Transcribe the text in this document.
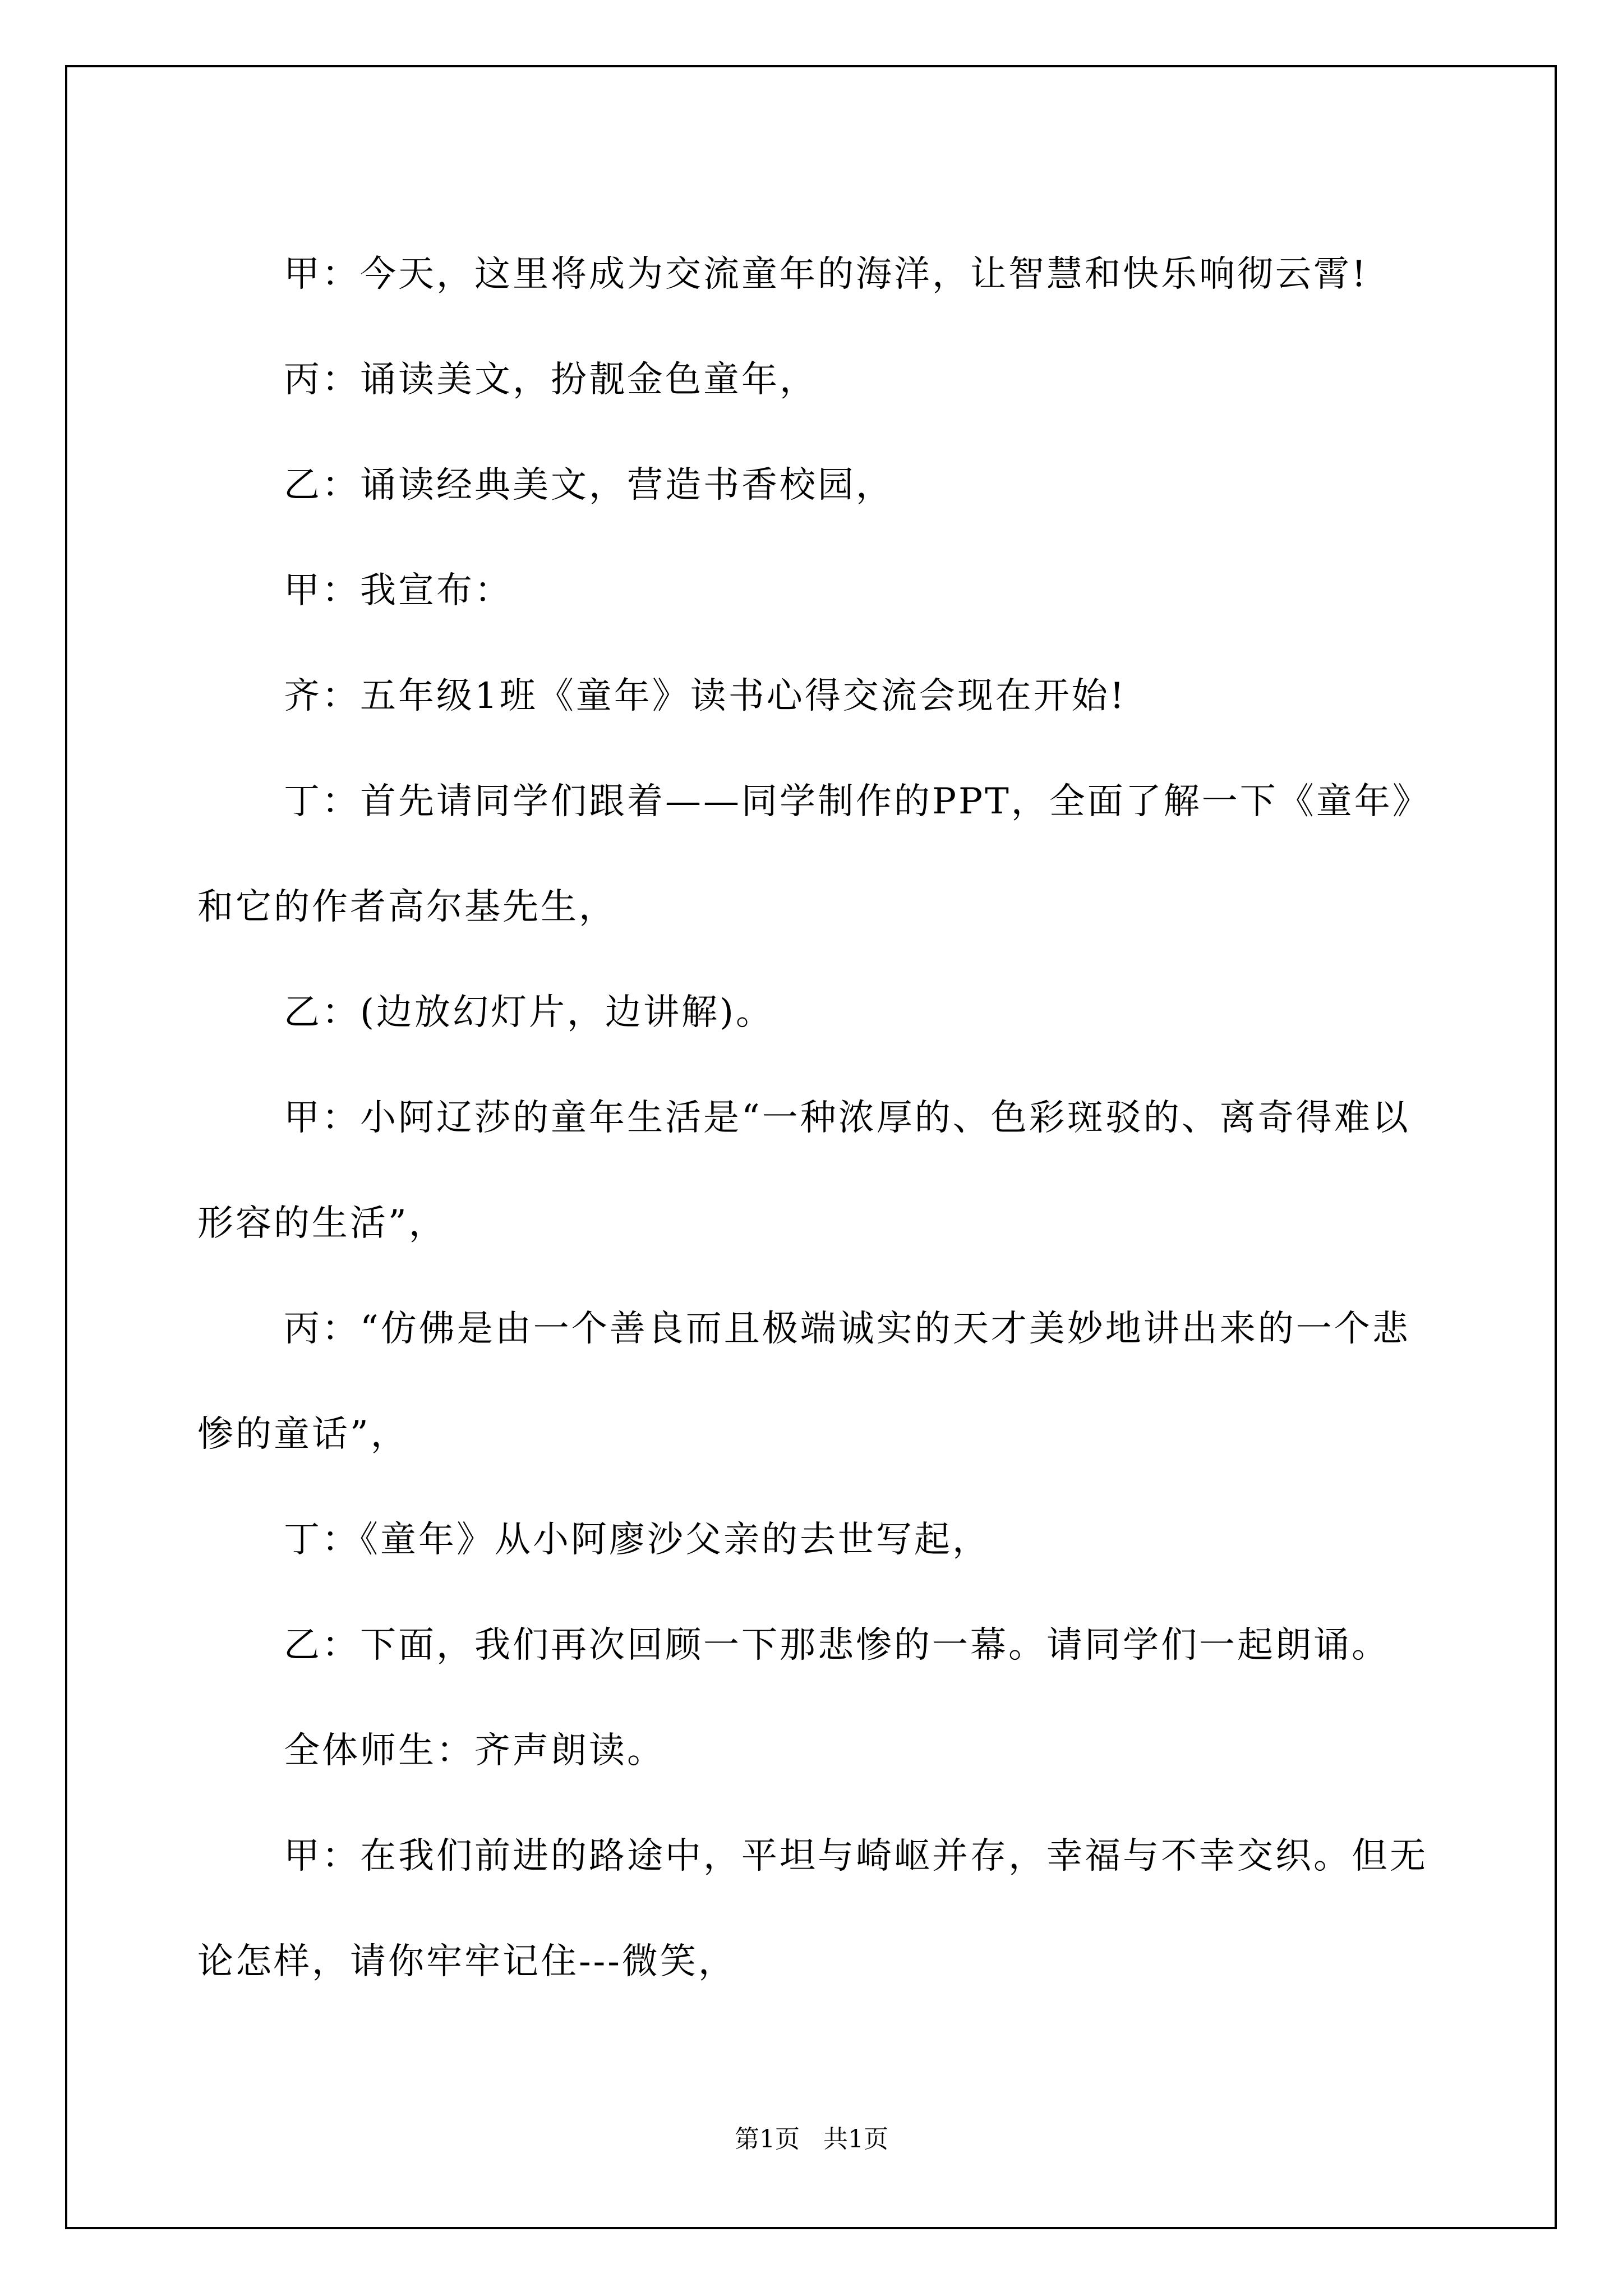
甲：今天，这里将成为交流童年的海洋，让智慧和快乐响彻云霄!

丙：诵读美文，扮靓金色童年，

乙：诵读经典美文，营造书香校园，

甲：我宣布：

齐：五年级1班《童年》读书心得交流会现在开始!

丁：首先请同学们跟着——同学制作的PPT，全面了解一下《童年》和它的作者高尔基先生，

乙：(边放幻灯片，边讲解)。

甲：小阿辽莎的童年生活是“一种浓厚的、色彩斑驳的、离奇得难以形容的生活”，

丙：“仿佛是由一个善良而且极端诚实的天才美妙地讲出来的一个悲惨的童话”，

丁：《童年》从小阿廖沙父亲的去世写起，

乙：下面，我们再次回顾一下那悲惨的一幕。请同学们一起朗诵。

全体师生：齐声朗读。

甲：在我们前进的路途中，平坦与崎岖并存，幸福与不幸交织。但无论怎样，请你牢牢记住---微笑，

第1页 共1页
